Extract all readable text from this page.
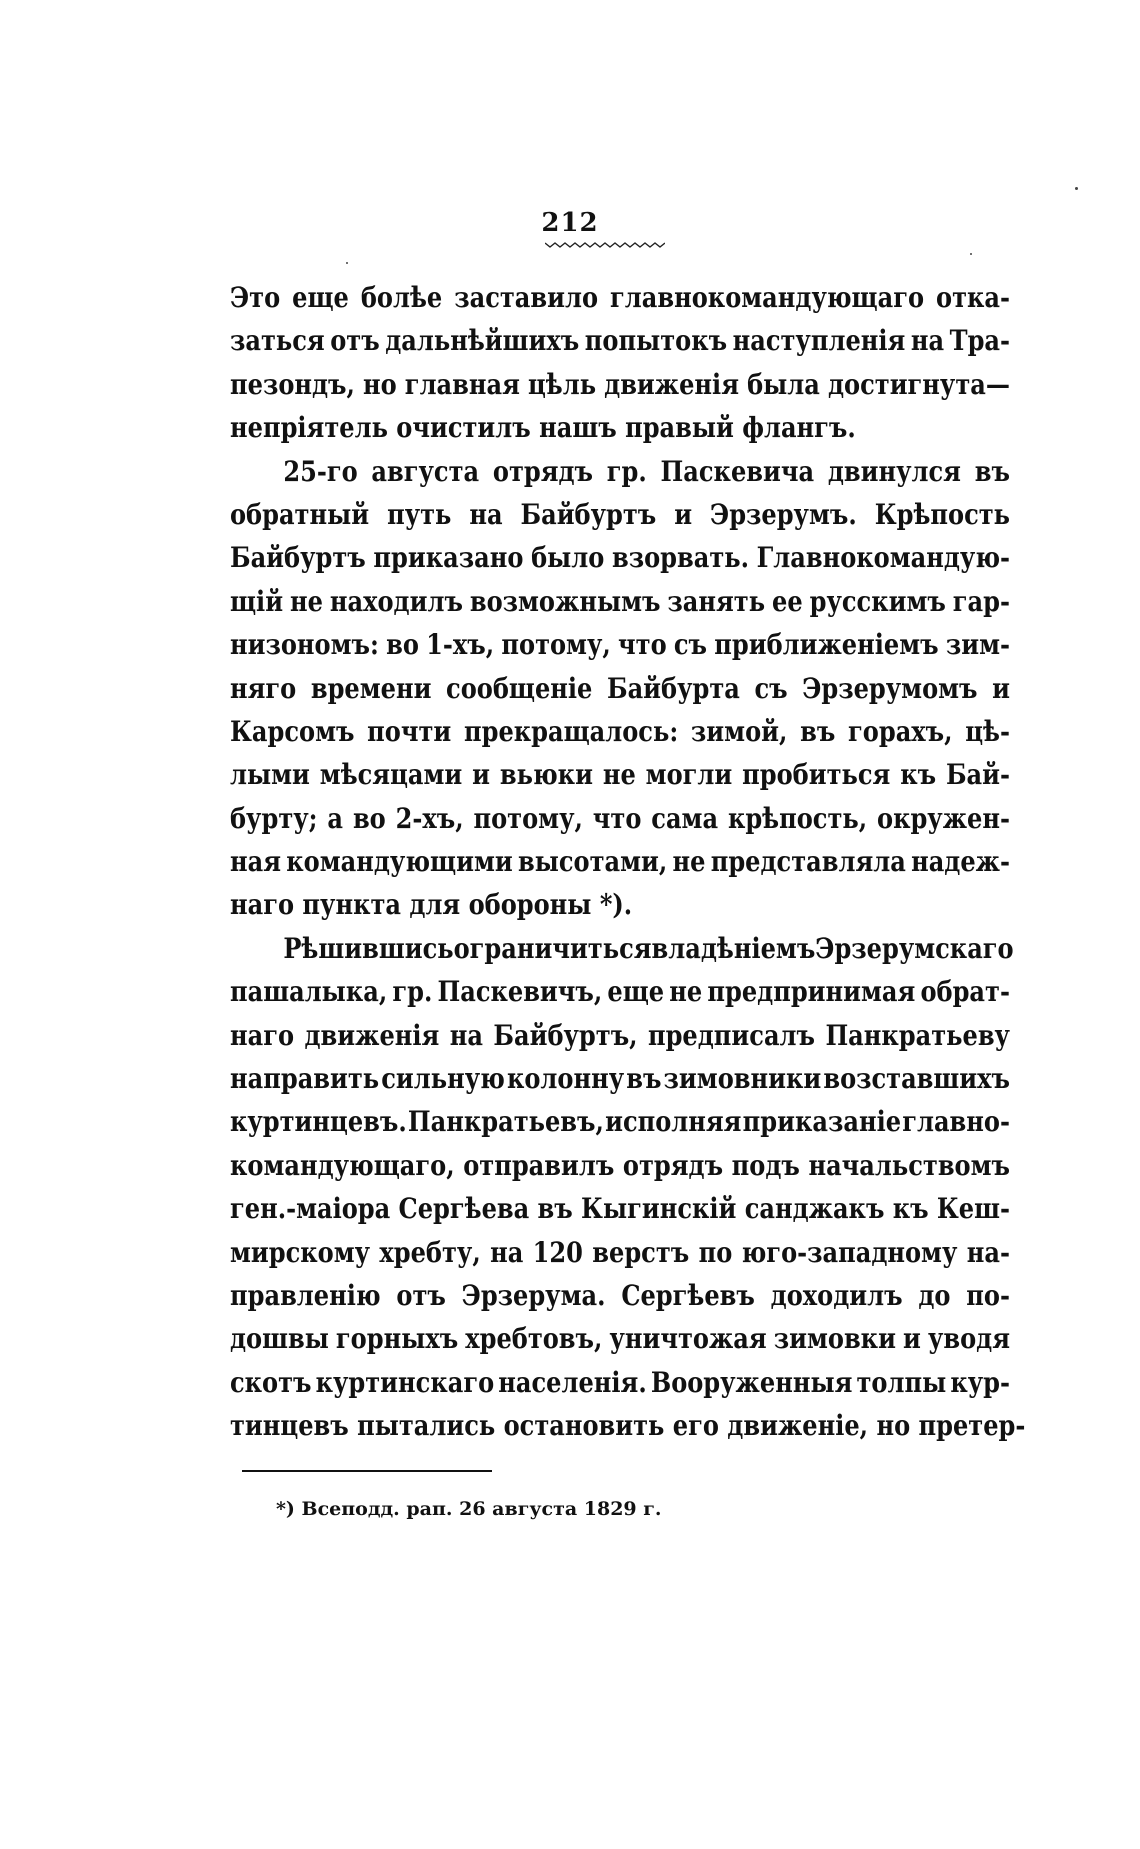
212
Это еще болѣе заставило главнокомандующаго отка-
заться отъ дальнѣйшихъ попытокъ наступленія на Тра-
пезондъ, но главная цѣль движенія была достигнута—
непріятель очистилъ нашъ правый флангъ.
25-го августа отрядъ гр. Паскевича двинулся въ
обратный путь на Байбуртъ и Эрзерумъ. Крѣпость
Байбуртъ приказано было взорвать. Главнокомандую-
щій не находилъ возможнымъ занять ее русскимъ гар-
низономъ: во 1-хъ, потому, что съ приближеніемъ зим-
няго времени сообщеніе Байбурта съ Эрзерумомъ и
Карсомъ почти прекращалось: зимой, въ горахъ, цѣ-
лыми мѣсяцами и вьюки не могли пробиться къ Бай-
бурту; а во 2-хъ, потому, что сама крѣпость, окружен-
ная командующими высотами, не представляла надеж-
наго пункта для обороны *).
Рѣшившись ограничиться владѣніемъ Эрзерумскаго
пашалыка, гр. Паскевичъ, еще не предпринимая обрат-
наго движенія на Байбуртъ, предписалъ Панкратьеву
направить сильную колонну въ зимовники возставшихъ
куртинцевъ. Панкратьевъ, исполняя приказаніе главно-
командующаго, отправилъ отрядъ подъ начальствомъ
ген.-маіора Сергѣева въ Кыгинскій санджакъ къ Кеш-
мирскому хребту, на 120 верстъ по юго-западному на-
правленію отъ Эрзерума. Сергѣевъ доходилъ до по-
дошвы горныхъ хребтовъ, уничтожая зимовки и уводя
скотъ куртинскаго населенія. Вооруженныя толпы кур-
тинцевъ пытались остановить его движеніе, но претер-
*) Всеподд. рап. 26 августа 1829 г.
